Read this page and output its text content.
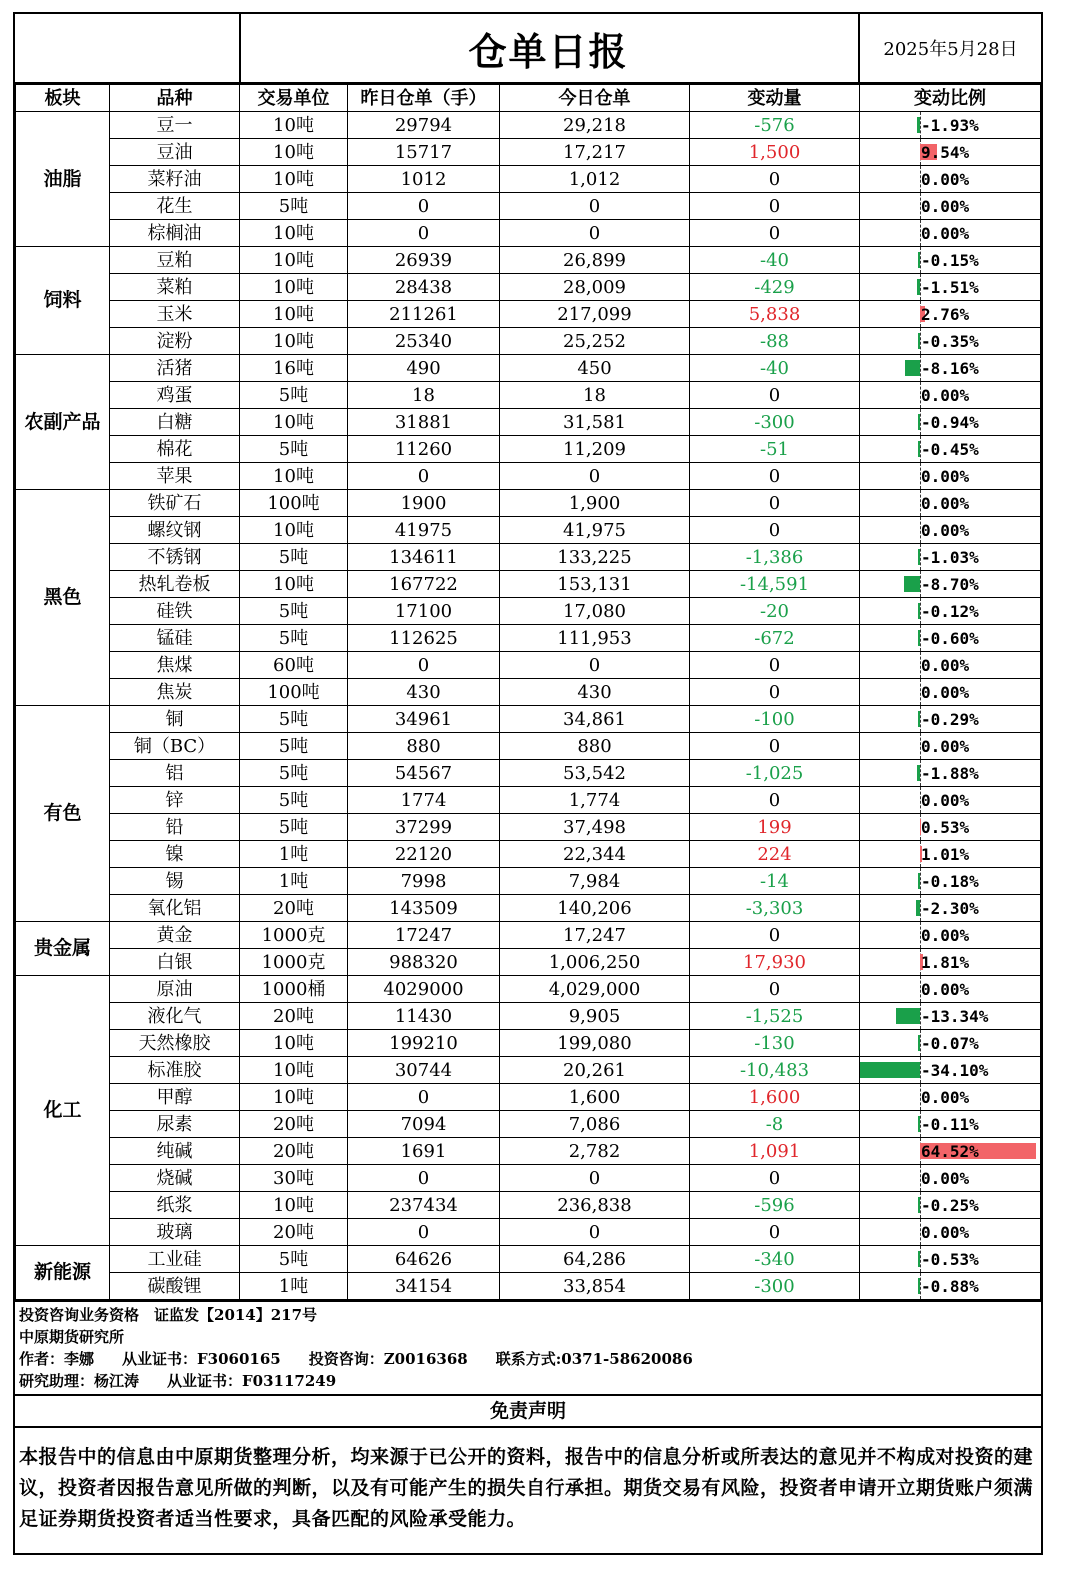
仓单日报	2025年5月28日
板块	品种	交易单位	昨日仓单（手）	今日仓单	变动量	变动比例
油脂	豆一	10吨	29794	29,218	-576	-1.93%
	豆油	10吨	15717	17,217	1,500	9.54%
	菜籽油	10吨	1012	1,012	0	0.00%
	花生	5吨	0	0	0	0.00%
	棕榈油	10吨	0	0	0	0.00%
饲料	豆粕	10吨	26939	26,899	-40	-0.15%
	菜粕	10吨	28438	28,009	-429	-1.51%
	玉米	10吨	211261	217,099	5,838	2.76%
	淀粉	10吨	25340	25,252	-88	-0.35%
农副产品	活猪	16吨	490	450	-40	-8.16%
	鸡蛋	5吨	18	18	0	0.00%
	白糖	10吨	31881	31,581	-300	-0.94%
	棉花	5吨	11260	11,209	-51	-0.45%
	苹果	10吨	0	0	0	0.00%
黑色	铁矿石	100吨	1900	1,900	0	0.00%
	螺纹钢	10吨	41975	41,975	0	0.00%
	不锈钢	5吨	134611	133,225	-1,386	-1.03%
	热轧卷板	10吨	167722	153,131	-14,591	-8.70%
	硅铁	5吨	17100	17,080	-20	-0.12%
	锰硅	5吨	112625	111,953	-672	-0.60%
	焦煤	60吨	0	0	0	0.00%
	焦炭	100吨	430	430	0	0.00%
有色	铜	5吨	34961	34,861	-100	-0.29%
	铜（BC）	5吨	880	880	0	0.00%
	铝	5吨	54567	53,542	-1,025	-1.88%
	锌	5吨	1774	1,774	0	0.00%
	铅	5吨	37299	37,498	199	0.53%
	镍	1吨	22120	22,344	224	1.01%
	锡	1吨	7998	7,984	-14	-0.18%
	氧化铝	20吨	143509	140,206	-3,303	-2.30%
贵金属	黄金	1000克	17247	17,247	0	0.00%
	白银	1000克	988320	1,006,250	17,930	1.81%
化工	原油	1000桶	4029000	4,029,000	0	0.00%
	液化气	20吨	11430	9,905	-1,525	-13.34%
	天然橡胶	10吨	199210	199,080	-130	-0.07%
	标准胶	10吨	30744	20,261	-10,483	-34.10%
	甲醇	10吨	0	1,600	1,600	0.00%
	尿素	20吨	7094	7,086	-8	-0.11%
	纯碱	20吨	1691	2,782	1,091	64.52%
	烧碱	30吨	0	0	0	0.00%
	纸浆	10吨	237434	236,838	-596	-0.25%
	玻璃	20吨	0	0	0	0.00%
新能源	工业硅	5吨	64626	64,286	-340	-0.53%
	碳酸锂	1吨	34154	33,854	-300	-0.88%
投资咨询业务资格　证监发【2014】217号
中原期货研究所
作者：李娜 从业证书：F3060165 投资咨询：Z0016368 联系方式:0371-58620086
研究助理：杨江涛 从业证书：F03117249
免责声明
本报告中的信息由中原期货整理分析，均来源于已公开的资料，报告中的信息分析或所表达的意见并不构成对投资的建议，投资者因报告意见所做的判断，以及有可能产生的损失自行承担。期货交易有风险，投资者申请开立期货账户须满足证券期货投资者适当性要求，具备匹配的风险承受能力。
